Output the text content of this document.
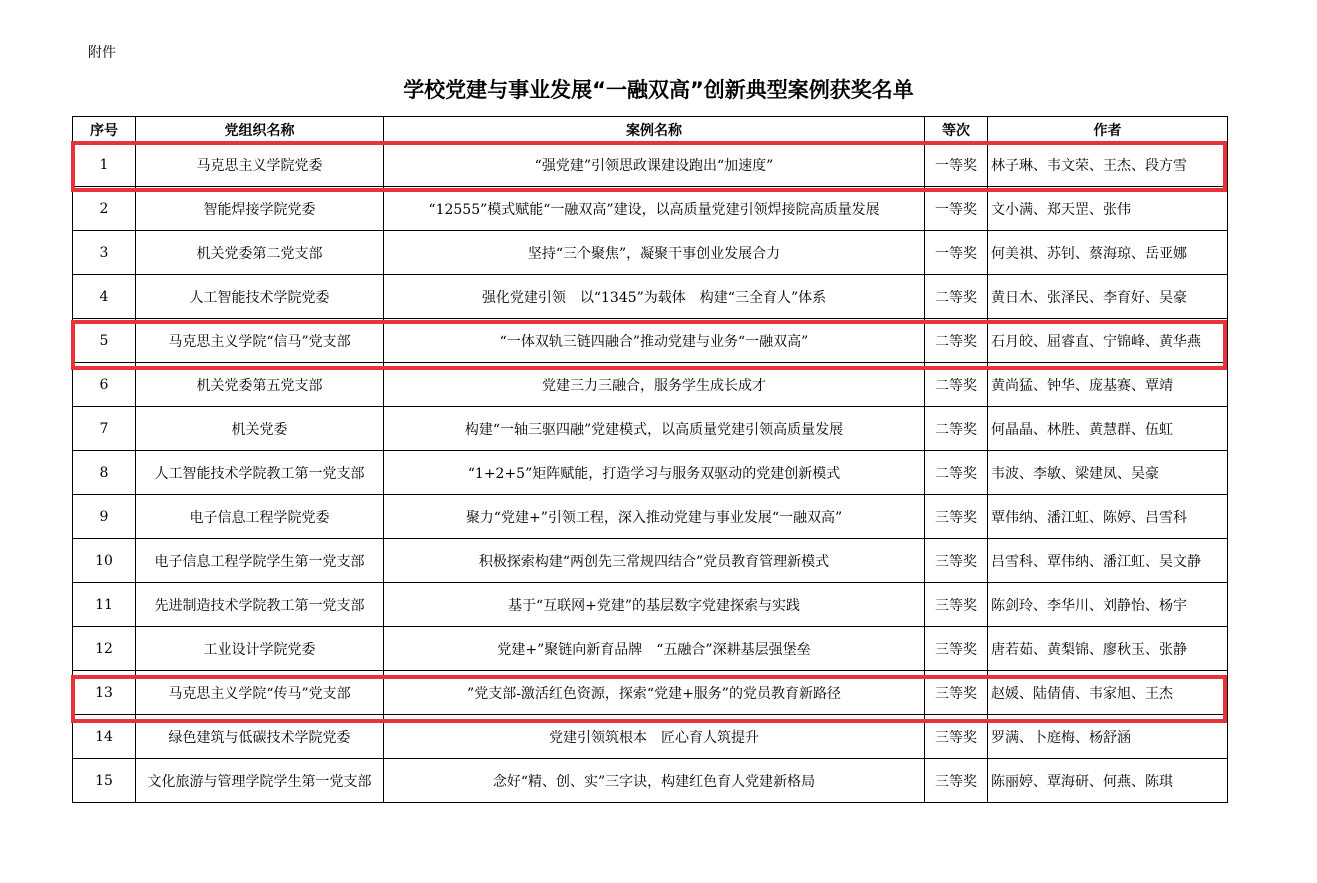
附件
学校党建与事业发展“一融双高”创新典型案例获奖名单
序号	党组织名称	案例名称	等次	作者
1	马克思主义学院党委	“强党建”引领思政课建设跑出“加速度”	一等奖	林子琳、韦文荣、王杰、段方雪
2	智能焊接学院党委	“12555”模式赋能“一融双高”建设，以高质量党建引领焊接院高质量发展	一等奖	文小满、郑天罡、张伟
3	机关党委第二党支部	坚持“三个聚焦”，凝聚干事创业发展合力	一等奖	何美祺、苏钊、蔡海琼、岳亚娜
4	人工智能技术学院党委	强化党建引领　以“1345”为载体　构建“三全育人”体系	二等奖	黄日木、张泽民、李育好、吴豪
5	马克思主义学院“信马”党支部	“一体双轨三链四融合”推动党建与业务“一融双高”	二等奖	石月皎、屈睿直、宁锦峰、黄华燕
6	机关党委第五党支部	党建三力三融合，服务学生成长成才	二等奖	黄尚猛、钟华、庞基赛、覃靖
7	机关党委	构建“一轴三驱四融”党建模式，以高质量党建引领高质量发展	二等奖	何晶晶、林胜、黄慧群、伍虹
8	人工智能技术学院教工第一党支部	“1+2+5”矩阵赋能，打造学习与服务双驱动的党建创新模式	二等奖	韦波、李敏、梁建凤、吴豪
9	电子信息工程学院党委	聚力“党建+”引领工程，深入推动党建与事业发展“一融双高”	三等奖	覃伟纳、潘江虹、陈婷、吕雪科
10	电子信息工程学院学生第一党支部	积极探索构建“两创先三常规四结合”党员教育管理新模式	三等奖	吕雪科、覃伟纳、潘江虹、吴文静
11	先进制造技术学院教工第一党支部	基于“互联网+党建”的基层数字党建探索与实践	三等奖	陈剑玲、李华川、刘静怡、杨宇
12	工业设计学院党委	党建+”聚链向新育品牌　“五融合”深耕基层强堡垒	三等奖	唐若茹、黄梨锦、廖秋玉、张静
13	马克思主义学院“传马”党支部	”党支部-激活红色资源，探索“党建+服务”的党员教育新路径	三等奖	赵媛、陆倩倩、韦家旭、王杰
14	绿色建筑与低碳技术学院党委	党建引领筑根本　匠心育人筑提升	三等奖	罗满、卜庭梅、杨舒涵
15	文化旅游与管理学院学生第一党支部	念好“精、创、实”三字诀，构建红色育人党建新格局	三等奖	陈丽婷、覃海研、何燕、陈琪
